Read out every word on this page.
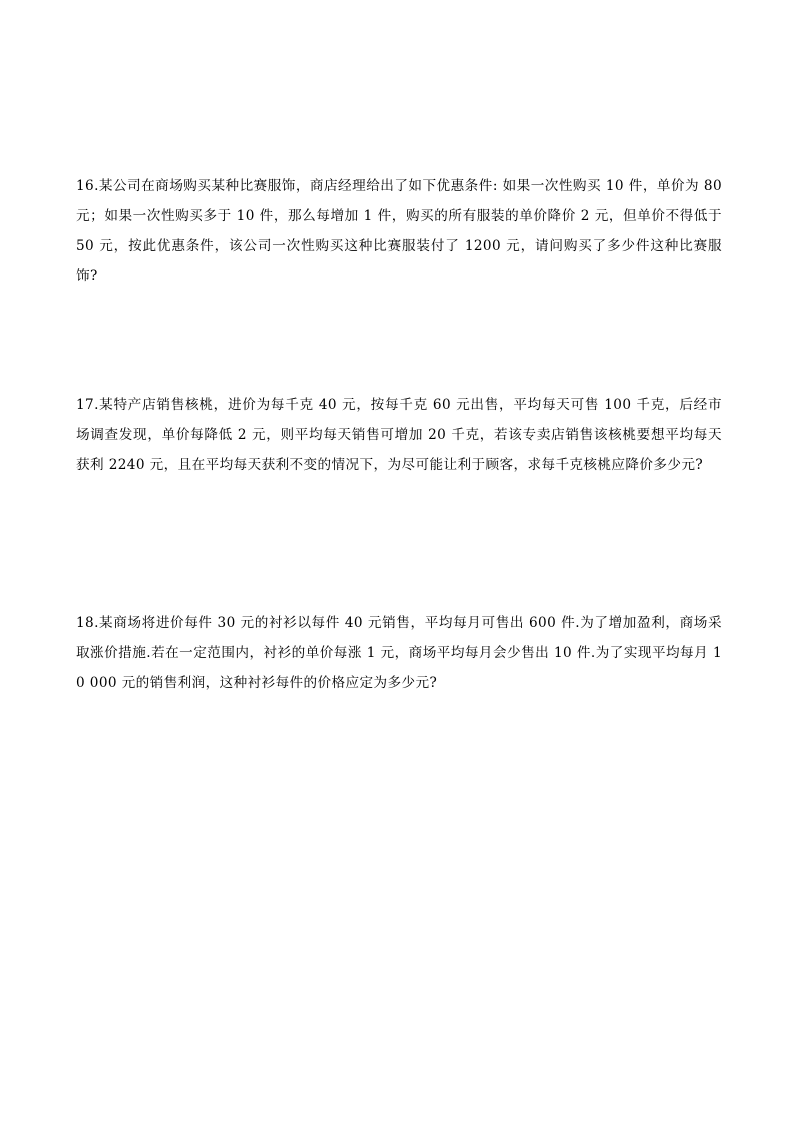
16.某公司在商场购买某种比赛服饰，商店经理给出了如下优惠条件: 如果一次性购买 10 件，单价为 80 元；如果一次性购买多于 10 件，那么每增加 1 件，购买的所有服装的单价降价 2 元，但单价不得低于 50 元，按此优惠条件，该公司一次性购买这种比赛服装付了 1200 元，请问购买了多少件这种比赛服饰?

17.某特产店销售核桃，进价为每千克 40 元，按每千克 60 元出售，平均每天可售 100 千克，后经市场调查发现，单价每降低 2 元，则平均每天销售可增加 20 千克，若该专卖店销售该核桃要想平均每天获利 2240 元，且在平均每天获利不变的情况下，为尽可能让利于顾客，求每千克核桃应降价多少元?

18.某商场将进价每件 30 元的衬衫以每件 40 元销售，平均每月可售出 600 件.为了增加盈利，商场采取涨价措施.若在一定范围内，衬衫的单价每涨 1 元，商场平均每月会少售出 10 件.为了实现平均每月 10 000 元的销售利润，这种衬衫每件的价格应定为多少元?
